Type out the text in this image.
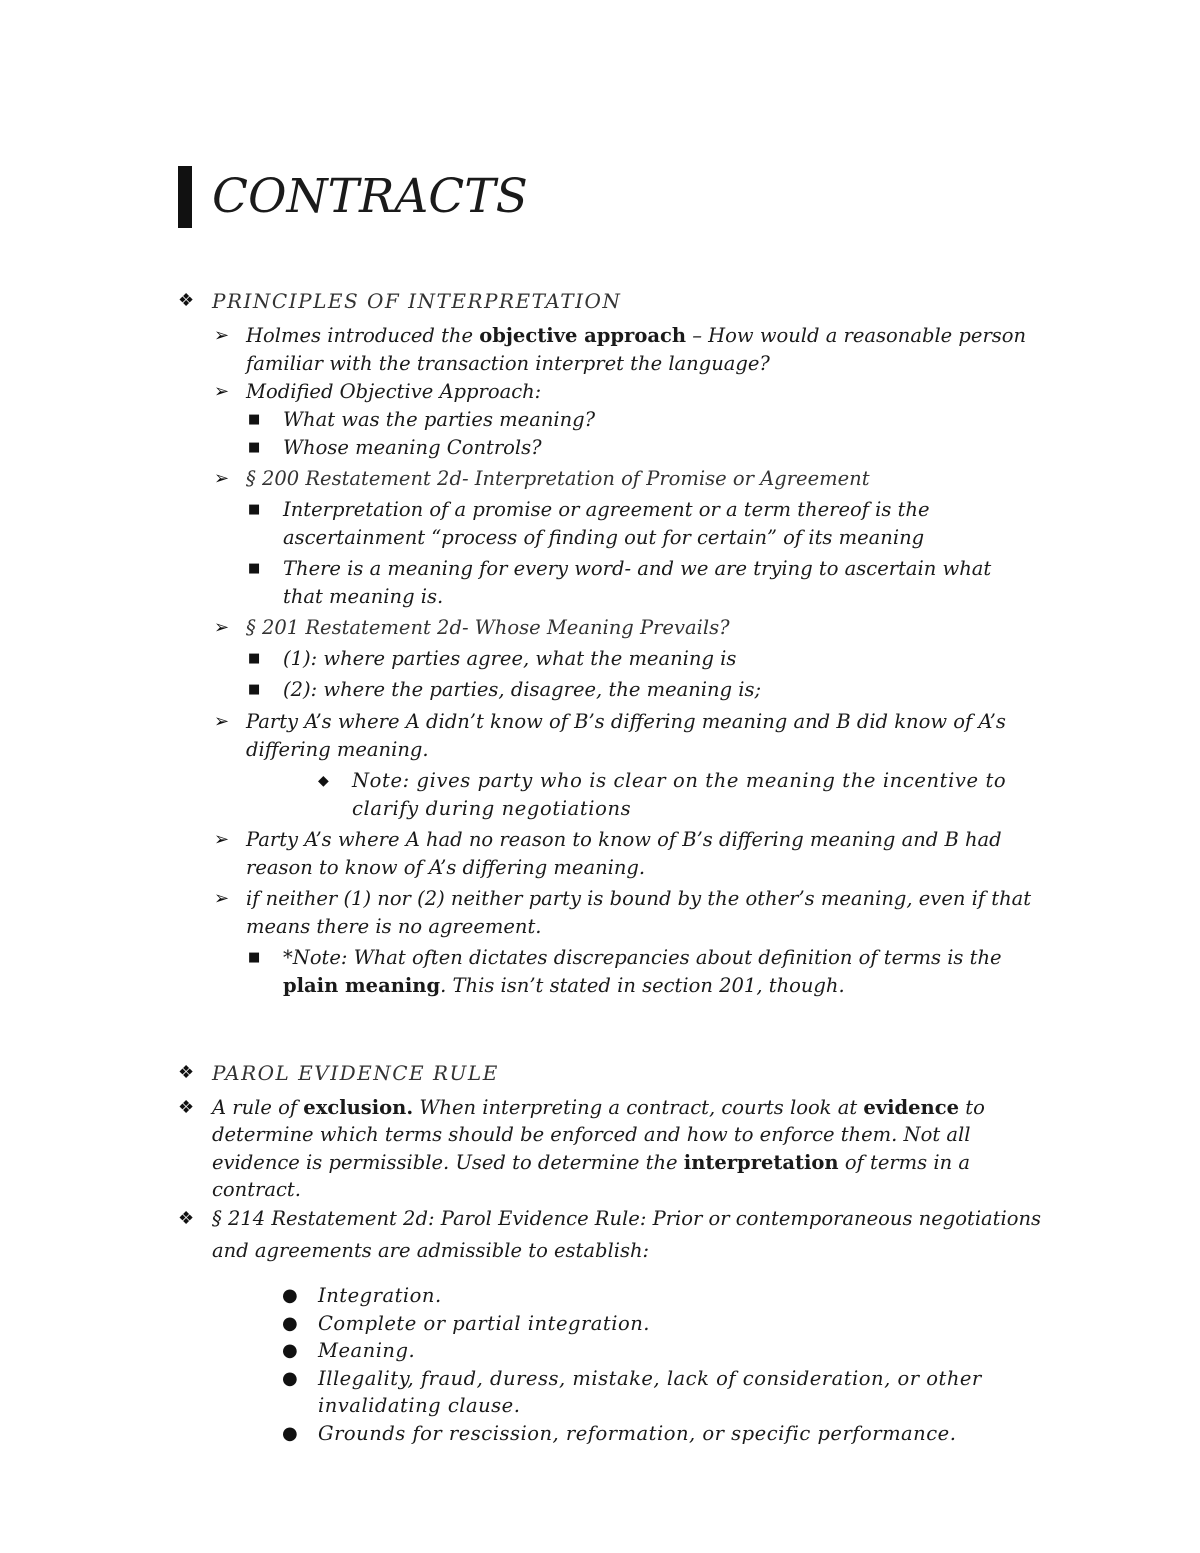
CONTRACTS
❖ PRINCIPLES OF INTERPRETATION
➢ Holmes introduced the objective approach – How would a reasonable person
familiar with the transaction interpret the language?
➢ Modified Objective Approach:
■ What was the parties meaning?
■ Whose meaning Controls?
➢ § 200 Restatement 2d- Interpretation of Promise or Agreement
■ Interpretation of a promise or agreement or a term thereof is the
ascertainment “process of finding out for certain” of its meaning
■ There is a meaning for every word- and we are trying to ascertain what
that meaning is.
➢ § 201 Restatement 2d- Whose Meaning Prevails?
■ (1): where parties agree, what the meaning is
■ (2): where the parties, disagree, the meaning is;
➢ Party A’s where A didn’t know of B’s differing meaning and B did know of A’s
differing meaning.
◆ Note: gives party who is clear on the meaning the incentive to
clarify during negotiations
➢ Party A’s where A had no reason to know of B’s differing meaning and B had
reason to know of A’s differing meaning.
➢ if neither (1) nor (2) neither party is bound by the other’s meaning, even if that
means there is no agreement.
■ *Note: What often dictates discrepancies about definition of terms is the
plain meaning. This isn’t stated in section 201, though.
❖ PAROL EVIDENCE RULE
❖ A rule of exclusion. When interpreting a contract, courts look at evidence to
determine which terms should be enforced and how to enforce them. Not all
evidence is permissible. Used to determine the interpretation of terms in a
contract.
❖ § 214 Restatement 2d: Parol Evidence Rule: Prior or contemporaneous negotiations
and agreements are admissible to establish:
● Integration.
● Complete or partial integration.
● Meaning.
● Illegality, fraud, duress, mistake, lack of consideration, or other
invalidating clause.
● Grounds for rescission, reformation, or specific performance.
